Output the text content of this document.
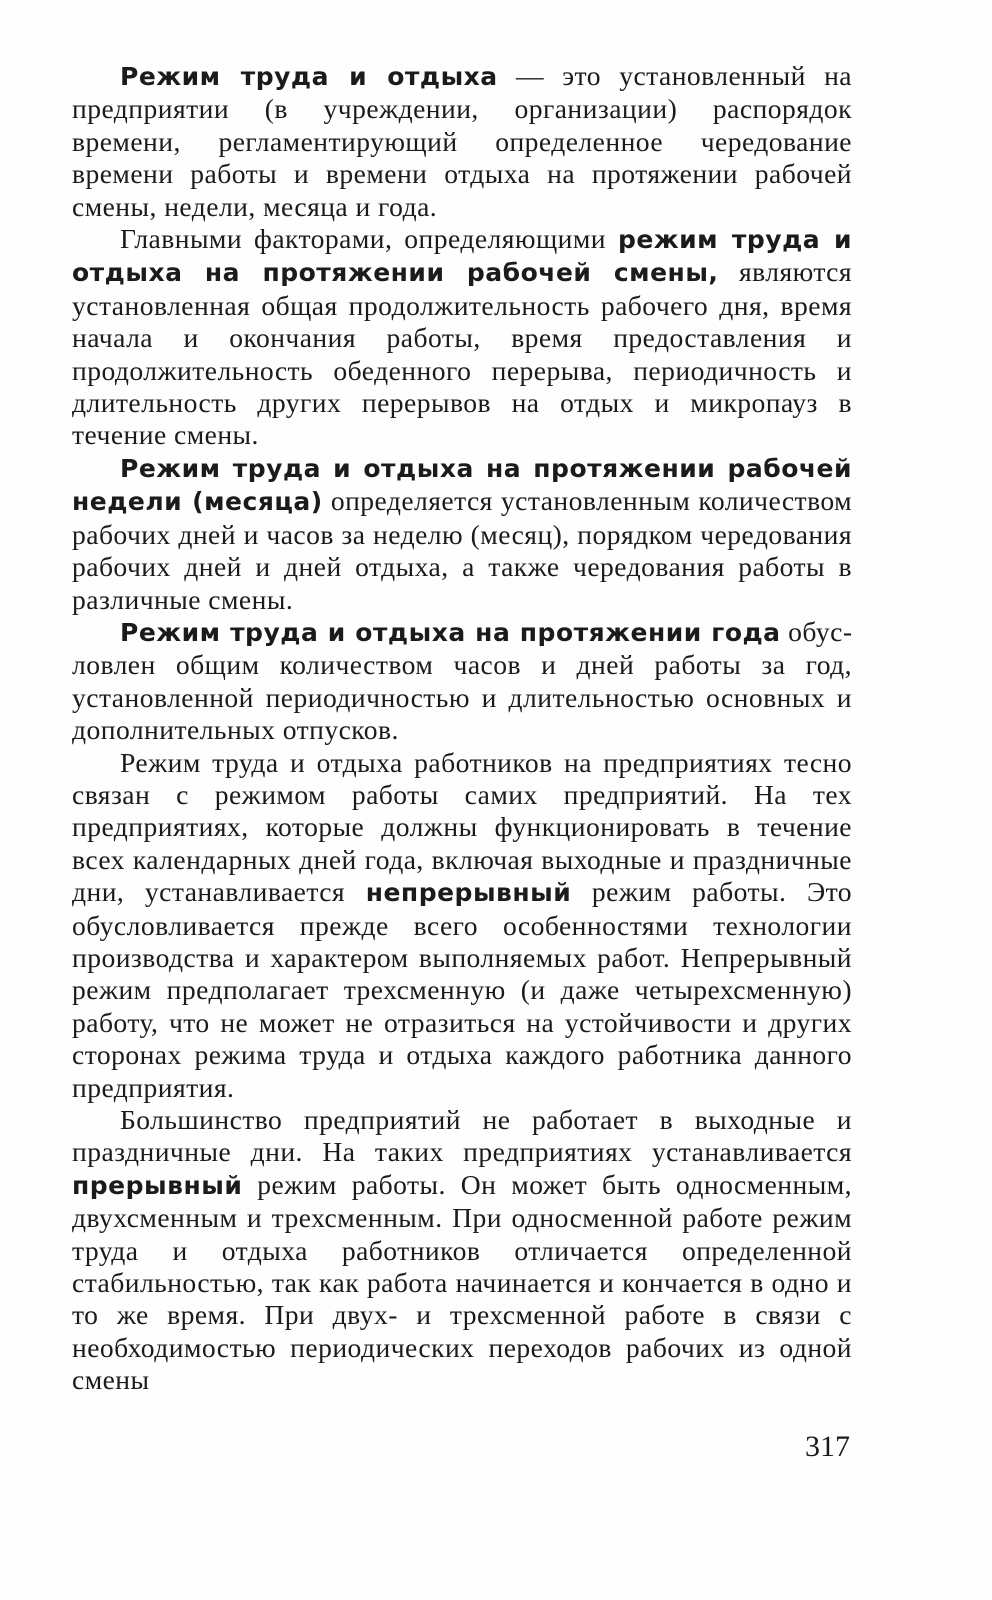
Режим труда и отдыха — это установленный на предприятии (в учреждении, организации) распорядок времени, регламентирующий определенное чередование времени работы и времени отдыха на протяжении рабочей смены, недели, месяца и года.

Главными факторами, определяющими режим труда и отдыха на протяжении рабочей смены, являются установленная общая продолжительность рабочего дня, время начала и окончания работы, время предоставления и продолжительность обеденного перерыва, периодичность и длительность других перерывов на отдых и микропауз в течение смены.

Режим труда и отдыха на протяжении рабочей недели (месяца) определяется установленным количеством рабочих дней и часов за неделю (месяц), порядком чередования рабочих дней и дней отдыха, а также чередования работы в различные смены.

Режим труда и отдыха на протяжении года обусловлен общим количеством часов и дней работы за год, установленной периодичностью и длительностью основных и дополнительных отпусков.

Режим труда и отдыха работников на предприятиях тесно связан с режимом работы самих предприятий. На тех предприятиях, которые должны функционировать в течение всех календарных дней года, включая выходные и праздничные дни, устанавливается непрерывный режим работы. Это обусловливается прежде всего особенностями технологии производства и характером выполняемых работ. Непрерывный режим предполагает трехсменную (и даже четырехсменную) работу, что не может не отразиться на устойчивости и других сторонах режима труда и отдыха каждого работника данного предприятия.

Большинство предприятий не работает в выходные и праздничные дни. На таких предприятиях устанавливается прерывный режим работы. Он может быть односменным, двухсменным и трехсменным. При односменной работе режим труда и отдыха работников отличается определенной стабильностью, так как работа начинается и кончается в одно и то же время. При двух- и трехсменной работе в связи с необходимостью периодических переходов рабочих из одной смены

317
